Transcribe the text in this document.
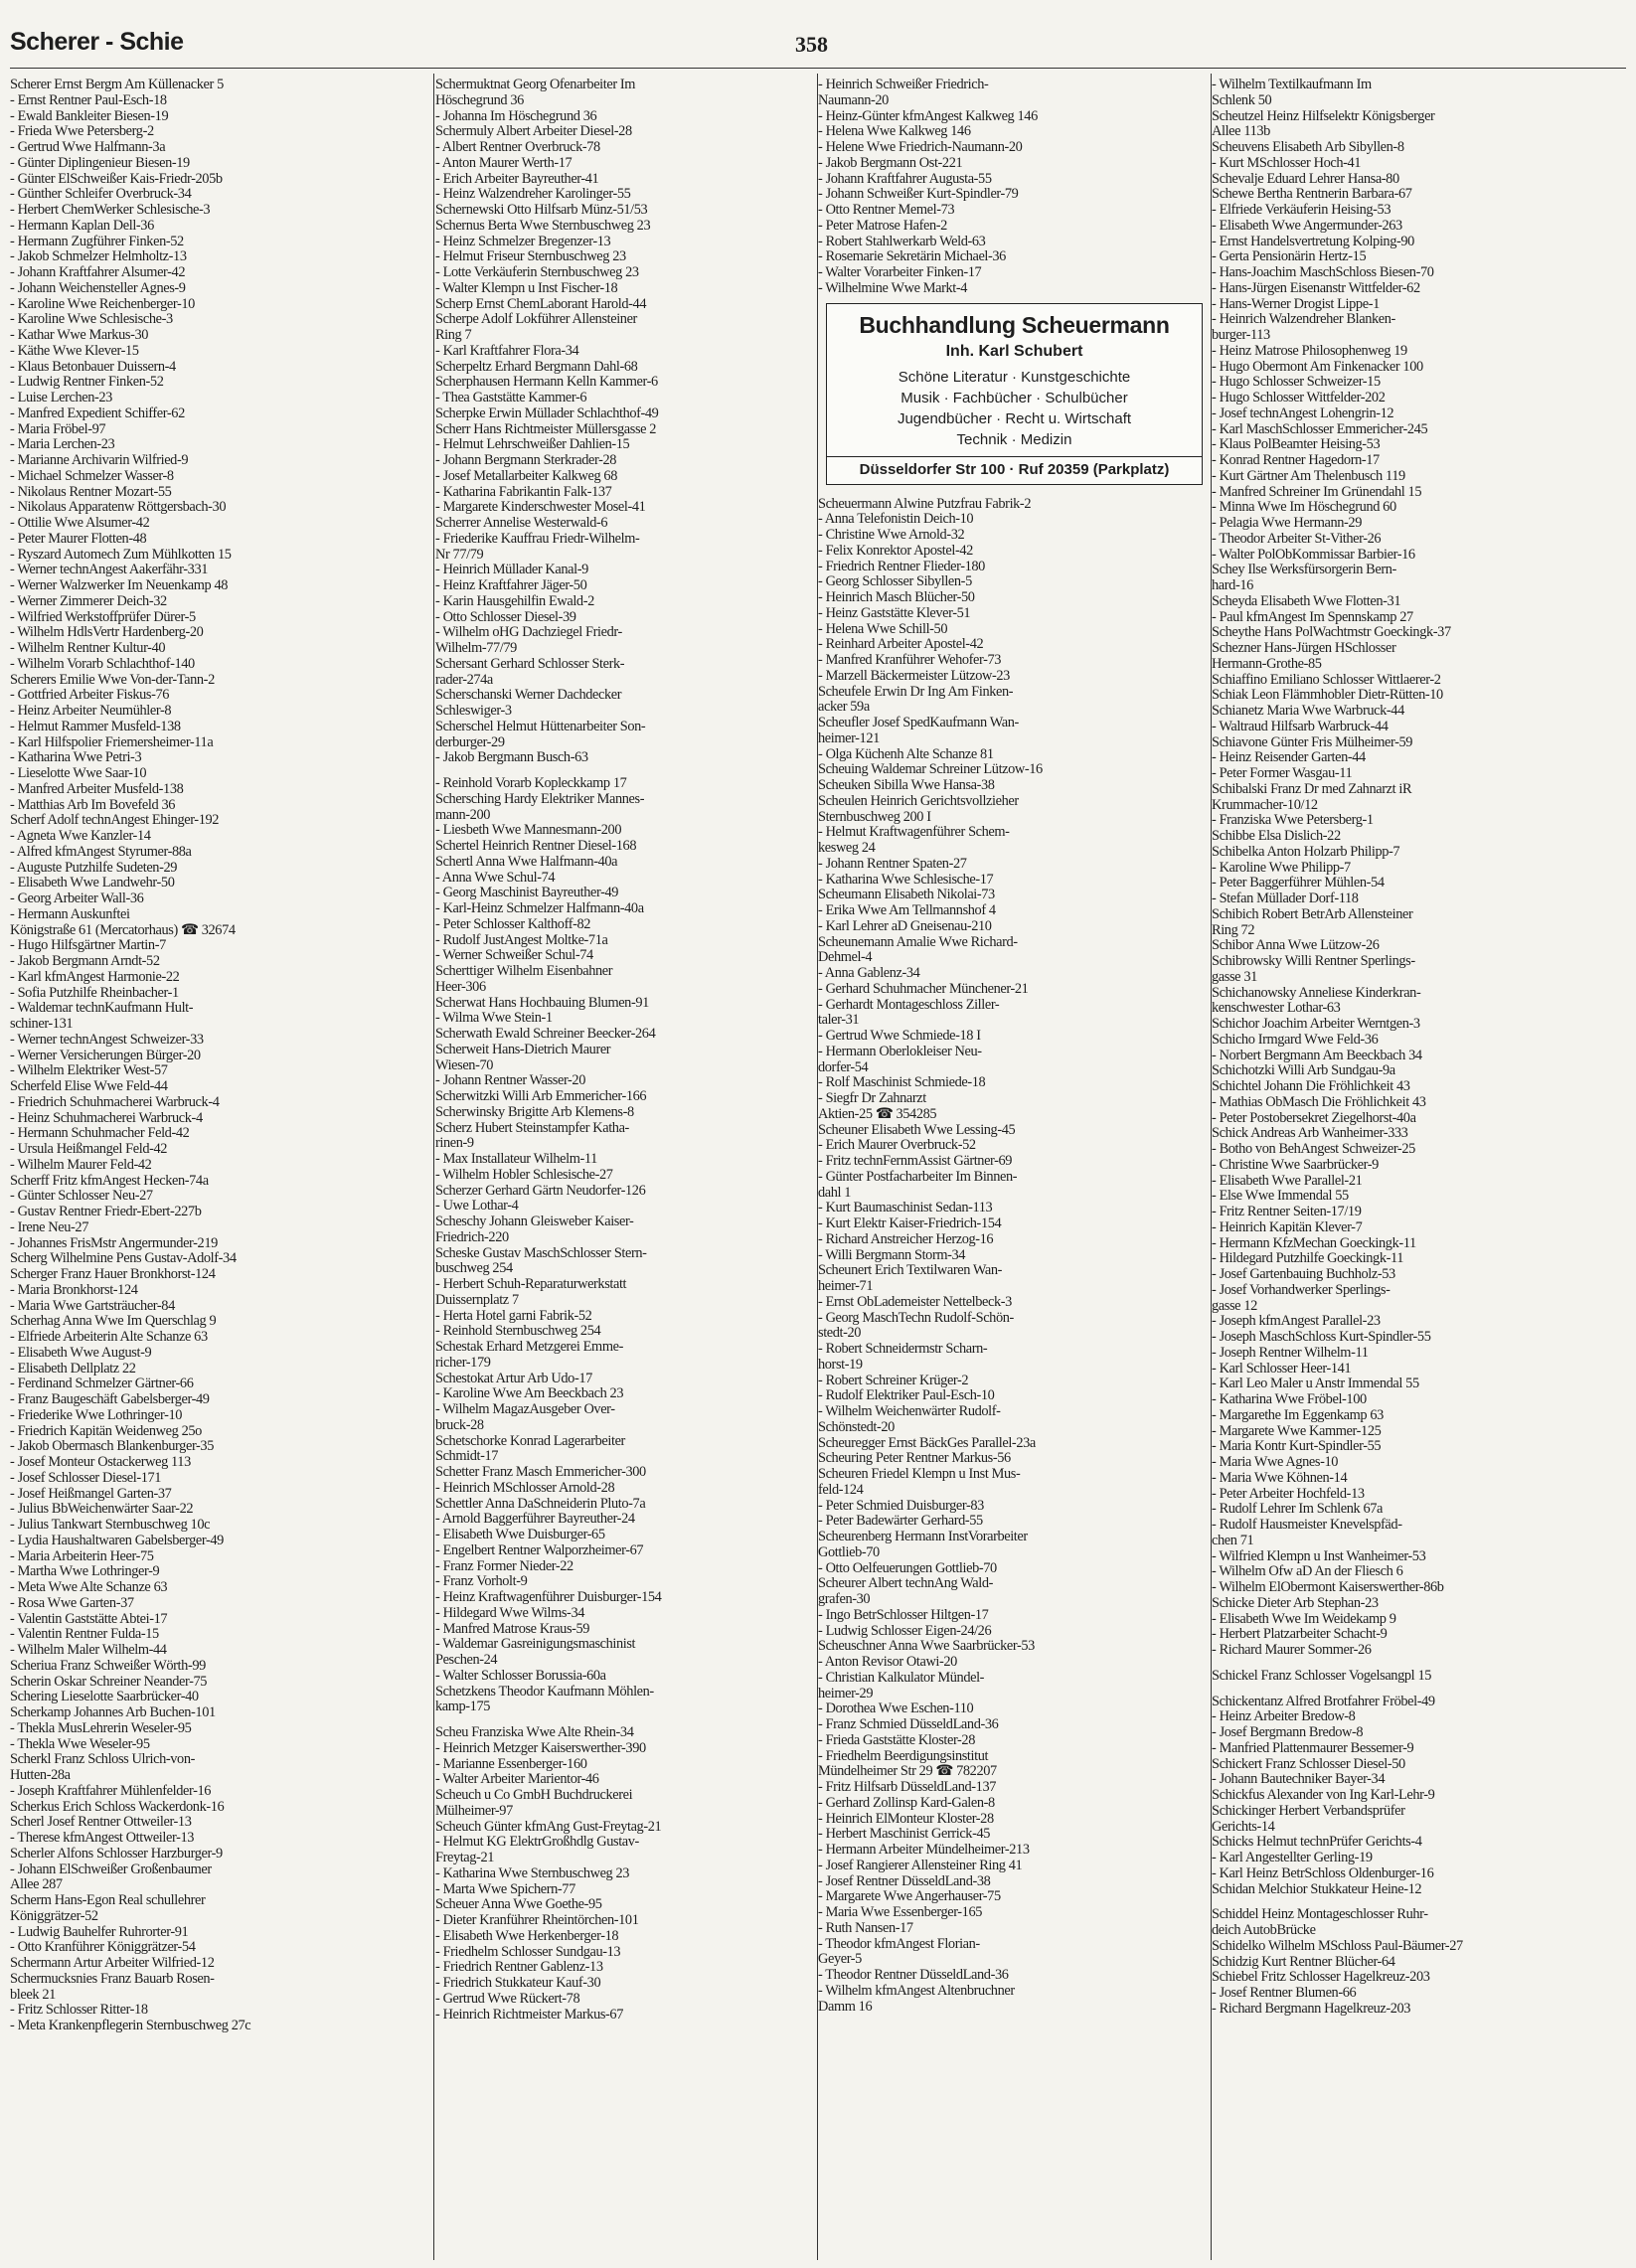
Scherer - Schie	358
Scherer Ernst Bergm Am Küllenacker 5
- Ernst Rentner Paul-Esch-18
- Ewald Bankleiter Biesen-19
- Frieda Wwe Petersberg-2
- Gertrud Wwe Halfmann-3a
- Günter Diplingenieur Biesen-19
- Günter ElSchweißer Kais-Friedr-205b
- Günther Schleifer Overbruck-34
- Herbert ChemWerker Schlesische-3
- Hermann Kaplan Dell-36
- Hermann Zugführer Finken-52
- Jakob Schmelzer Helmholtz-13
- Johann Kraftfahrer Alsumer-42
- Johann Weichensteller Agnes-9
- Karoline Wwe Reichenberger-10
- Karoline Wwe Schlesische-3
- Kathar Wwe Markus-30
- Käthe Wwe Klever-15
- Klaus Betonbauer Duissern-4
- Ludwig Rentner Finken-52
- Luise Lerchen-23
- Manfred Expedient Schiffer-62
- Maria Fröbel-97
- Maria Lerchen-23
- Marianne Archivarin Wilfried-9
- Michael Schmelzer Wasser-8
- Nikolaus Rentner Mozart-55
- Nikolaus Apparatenw Röttgersbach-30
- Ottilie Wwe Alsumer-42
- Peter Maurer Flotten-48
- Ryszard Automech Zum Mühlkotten 15
- Werner technAngest Aakerfähr-331
- Werner Walzwerker Im Neuenkamp 48
- Werner Zimmerer Deich-32
- Wilfried Werkstoffprüfer Dürer-5
- Wilhelm HdlsVertr Hardenberg-20
- Wilhelm Rentner Kultur-40
- Wilhelm Vorarb Schlachthof-140
Scherers Emilie Wwe Von-der-Tann-2
- Gottfried Arbeiter Fiskus-76
- Heinz Arbeiter Neumühler-8
- Helmut Rammer Musfeld-138
- Karl Hilfspolier Friemersheimer-11a
- Katharina Wwe Petri-3
- Lieselotte Wwe Saar-10
- Manfred Arbeiter Musfeld-138
- Matthias Arb Im Bovefeld 36
Scherf Adolf technAngest Ehinger-192
- Agneta Wwe Kanzler-14
- Alfred kfmAngest Styrumer-88a
- Auguste Putzhilfe Sudeten-29
- Elisabeth Wwe Landwehr-50
- Georg Arbeiter Wall-36
- Hermann Auskunftei
Königstraße 61 (Mercatorhaus) ☎ 32674
- Hugo Hilfsgärtner Martin-7
- Jakob Bergmann Arndt-52
- Karl kfmAngest Harmonie-22
- Sofia Putzhilfe Rheinbacher-1
- Waldemar technKaufmann Hult-
schiner-131
- Werner technAngest Schweizer-33
- Werner Versicherungen Bürger-20
- Wilhelm Elektriker West-57
Scherfeld Elise Wwe Feld-44
- Friedrich Schuhmacherei Warbruck-4
- Heinz Schuhmacherei Warbruck-4
- Hermann Schuhmacher Feld-42
- Ursula Heißmangel Feld-42
- Wilhelm Maurer Feld-42
Scherff Fritz kfmAngest Hecken-74a
- Günter Schlosser Neu-27
- Gustav Rentner Friedr-Ebert-227b
- Irene Neu-27
- Johannes FrisMstr Angermunder-219
Scherg Wilhelmine Pens Gustav-Adolf-34
Scherger Franz Hauer Bronkhorst-124
- Maria Bronkhorst-124
- Maria Wwe Gartsträucher-84
Scherhag Anna Wwe Im Querschlag 9
- Elfriede Arbeiterin Alte Schanze 63
- Elisabeth Wwe August-9
- Elisabeth Dellplatz 22
- Ferdinand Schmelzer Gärtner-66
- Franz Baugeschäft Gabelsberger-49
- Friederike Wwe Lothringer-10
- Friedrich Kapitän Weidenweg 25o
- Jakob Obermasch Blankenburger-35
- Josef Monteur Ostackerweg 113
- Josef Schlosser Diesel-171
- Josef Heißmangel Garten-37
- Julius BbWeichenwärter Saar-22
- Julius Tankwart Sternbuschweg 10c
- Lydia Haushaltwaren Gabelsberger-49
- Maria Arbeiterin Heer-75
- Martha Wwe Lothringer-9
- Meta Wwe Alte Schanze 63
- Rosa Wwe Garten-37
- Valentin Gaststätte Abtei-17
- Valentin Rentner Fulda-15
- Wilhelm Maler Wilhelm-44
Scheriua Franz Schweißer Wörth-99
Scherin Oskar Schreiner Neander-75
Schering Lieselotte Saarbrücker-40
Scherkamp Johannes Arb Buchen-101
- Thekla MusLehrerin Weseler-95
- Thekla Wwe Weseler-95
Scherkl Franz Schloss Ulrich-von-
Hutten-28a
- Joseph Kraftfahrer Mühlenfelder-16
Scherkus Erich Schloss Wackerdonk-16
Scherl Josef Rentner Ottweiler-13
- Therese kfmAngest Ottweiler-13
Scherler Alfons Schlosser Harzburger-9
- Johann ElSchweißer Großenbaumer
Allee 287
Scherm Hans-Egon Real schullehrer
Königgrätzer-52
- Ludwig Bauhelfer Ruhrorter-91
- Otto Kranführer Königgrätzer-54
Schermann Artur Arbeiter Wilfried-12
Schermucksnies Franz Bauarb Rosen-
bleek 21
- Fritz Schlosser Ritter-18
- Meta Krankenpflegerin Sternbuschweg 27c
Schermuktnat Georg Ofenarbeiter Im
Höschegrund 36
- Johanna Im Höschegrund 36
Schermuly Albert Arbeiter Diesel-28
- Albert Rentner Overbruck-78
- Anton Maurer Werth-17
- Erich Arbeiter Bayreuther-41
- Heinz Walzendreher Karolinger-55
Schernewski Otto Hilfsarb Münz-51/53
Schernus Berta Wwe Sternbuschweg 23
- Heinz Schmelzer Bregenzer-13
- Helmut Friseur Sternbuschweg 23
- Lotte Verkäuferin Sternbuschweg 23
- Walter Klempn u Inst Fischer-18
Scherp Ernst ChemLaborant Harold-44
Scherpe Adolf Lokführer Allensteiner
Ring 7
- Karl Kraftfahrer Flora-34
Scherpeltz Erhard Bergmann Dahl-68
Scherphausen Hermann Kelln Kammer-6
- Thea Gaststätte Kammer-6
Scherpke Erwin Müllader Schlachthof-49
Scherr Hans Richtmeister Müllersgasse 2
- Helmut Lehrschweißer Dahlien-15
- Johann Bergmann Sterkrader-28
- Josef Metallarbeiter Kalkweg 68
- Katharina Fabrikantin Falk-137
- Margarete Kinderschwester Mosel-41
Scherrer Annelise Westerwald-6
- Friederike Kauffrau Friedr-Wilhelm-
Nr 77/79
- Heinrich Müllader Kanal-9
- Heinz Kraftfahrer Jäger-50
- Karin Hausgehilfin Ewald-2
- Otto Schlosser Diesel-39
- Wilhelm oHG Dachziegel Friedr-
Wilhelm-77/79
Schersant Gerhard Schlosser Sterk-
rader-274a
Scherschanski Werner Dachdecker
Schleswiger-3
Scherschel Helmut Hüttenarbeiter Son-
derburger-29
- Jakob Bergmann Busch-63
- Reinhold Vorarb Kopleckkamp 17
Schersching Hardy Elektriker Mannes-
mann-200
- Liesbeth Wwe Mannesmann-200
Schertel Heinrich Rentner Diesel-168
Schertl Anna Wwe Halfmann-40a
- Anna Wwe Schul-74
- Georg Maschinist Bayreuther-49
- Karl-Heinz Schmelzer Halfmann-40a
- Peter Schlosser Kalthoff-82
- Rudolf JustAngest Moltke-71a
- Werner Schweißer Schul-74
Scherttiger Wilhelm Eisenbahner
Heer-306
Scherwat Hans Hochbauing Blumen-91
- Wilma Wwe Stein-1
Scherwath Ewald Schreiner Beecker-264
Scherweit Hans-Dietrich Maurer
Wiesen-70
- Johann Rentner Wasser-20
Scherwitzki Willi Arb Emmericher-166
Scherwinsky Brigitte Arb Klemens-8
Scherz Hubert Steinstampfer Katha-
rinen-9
- Max Installateur Wilhelm-11
- Wilhelm Hobler Schlesische-27
Scherzer Gerhard Gärtn Neudorfer-126
- Uwe Lothar-4
Scheschy Johann Gleisweber Kaiser-
Friedrich-220
Scheske Gustav MaschSchlosser Stern-
buschweg 254
- Herbert Schuh-Reparaturwerkstatt
Duissernplatz 7
- Herta Hotel garni Fabrik-52
- Reinhold Sternbuschweg 254
Schestak Erhard Metzgerei Emme-
richer-179
Schestokat Artur Arb Udo-17
- Karoline Wwe Am Beeckbach 23
- Wilhelm MagazAusgeber Over-
bruck-28
Schetschorke Konrad Lagerarbeiter
Schmidt-17
Schetter Franz Masch Emmericher-300
- Heinrich MSchlosser Arnold-28
Schettler Anna DaSchneiderin Pluto-7a
- Arnold Baggerführer Bayreuther-24
- Elisabeth Wwe Duisburger-65
- Engelbert Rentner Walporzheimer-67
- Franz Former Nieder-22
- Franz Vorholt-9
- Heinz Kraftwagenführer Duisburger-154
- Hildegard Wwe Wilms-34
- Manfred Matrose Kraus-59
- Waldemar Gasreinigungsmaschinist
Peschen-24
- Walter Schlosser Borussia-60a
Schetzkens Theodor Kaufmann Möhlen-
kamp-175
Scheu Franziska Wwe Alte Rhein-34
- Heinrich Metzger Kaiserswerther-390
- Marianne Essenberger-160
- Walter Arbeiter Marientor-46
Scheuch u Co GmbH Buchdruckerei
Mülheimer-97
Scheuch Günter kfmAng Gust-Freytag-21
- Helmut KG ElektrGroßhdlg Gustav-
Freytag-21
- Katharina Wwe Sternbuschweg 23
- Marta Wwe Spichern-77
Scheuer Anna Wwe Goethe-95
- Dieter Kranführer Rheintörchen-101
- Elisabeth Wwe Herkenberger-18
- Friedhelm Schlosser Sundgau-13
- Friedrich Rentner Gablenz-13
- Friedrich Stukkateur Kauf-30
- Gertrud Wwe Rückert-78
- Heinrich Richtmeister Markus-67
- Heinrich Schweißer Friedrich-
Naumann-20
- Heinz-Günter kfmAngest Kalkweg 146
- Helena Wwe Kalkweg 146
- Helene Wwe Friedrich-Naumann-20
- Jakob Bergmann Ost-221
- Johann Kraftfahrer Augusta-55
- Johann Schweißer Kurt-Spindler-79
- Otto Rentner Memel-73
- Peter Matrose Hafen-2
- Robert Stahlwerkarb Weld-63
- Rosemarie Sekretärin Michael-36
- Walter Vorarbeiter Finken-17
- Wilhelmine Wwe Markt-4
Buchhandlung Scheuermann
Inh. Karl Schubert
Schöne Literatur · Kunstgeschichte
Musik · Fachbücher · Schulbücher
Jugendbücher · Recht u. Wirtschaft
Technik · Medizin
Düsseldorfer Str 100 · Ruf 20359 (Parkplatz)
Scheuermann Alwine Putzfrau Fabrik-2
- Anna Telefonistin Deich-10
- Christine Wwe Arnold-32
- Felix Konrektor Apostel-42
- Friedrich Rentner Flieder-180
- Georg Schlosser Sibyllen-5
- Heinrich Masch Blücher-50
- Heinz Gaststätte Klever-51
- Helena Wwe Schill-50
- Reinhard Arbeiter Apostel-42
- Manfred Kranführer Wehofer-73
- Marzell Bäckermeister Lützow-23
Scheufele Erwin Dr Ing Am Finken-
acker 59a
Scheufler Josef SpedKaufmann Wan-
heimer-121
- Olga Küchenh Alte Schanze 81
Scheuing Waldemar Schreiner Lützow-16
Scheuken Sibilla Wwe Hansa-38
Scheulen Heinrich Gerichtsvollzieher
Sternbuschweg 200 I
- Helmut Kraftwagenführer Schem-
kesweg 24
- Johann Rentner Spaten-27
- Katharina Wwe Schlesische-17
Scheumann Elisabeth Nikolai-73
- Erika Wwe Am Tellmannshof 4
- Karl Lehrer aD Gneisenau-210
Scheunemann Amalie Wwe Richard-
Dehmel-4
- Anna Gablenz-34
- Gerhard Schuhmacher Münchener-21
- Gerhardt Montageschloss Ziller-
taler-31
- Gertrud Wwe Schmiede-18 I
- Hermann Oberlokleiser Neu-
dorfer-54
- Rolf Maschinist Schmiede-18
- Siegfr Dr Zahnarzt
Aktien-25 ☎ 354285
Scheuner Elisabeth Wwe Lessing-45
- Erich Maurer Overbruck-52
- Fritz technFernmAssist Gärtner-69
- Günter Postfacharbeiter Im Binnen-
dahl 1
- Kurt Baumaschinist Sedan-113
- Kurt Elektr Kaiser-Friedrich-154
- Richard Anstreicher Herzog-16
- Willi Bergmann Storm-34
Scheunert Erich Textilwaren Wan-
heimer-71
- Ernst ObLademeister Nettelbeck-3
- Georg MaschTechn Rudolf-Schön-
stedt-20
- Robert Schneidermstr Scharn-
horst-19
- Robert Schreiner Krüger-2
- Rudolf Elektriker Paul-Esch-10
- Wilhelm Weichenwärter Rudolf-
Schönstedt-20
Scheuregger Ernst BäckGes Parallel-23a
Scheuring Peter Rentner Markus-56
Scheuren Friedel Klempn u Inst Mus-
feld-124
- Peter Schmied Duisburger-83
- Peter Badewärter Gerhard-55
Scheurenberg Hermann InstVorarbeiter
Gottlieb-70
- Otto Oelfeuerungen Gottlieb-70
Scheurer Albert technAng Wald-
grafen-30
- Ingo BetrSchlosser Hiltgen-17
- Ludwig Schlosser Eigen-24/26
Scheuschner Anna Wwe Saarbrücker-53
- Anton Revisor Otawi-20
- Christian Kalkulator Mündel-
heimer-29
- Dorothea Wwe Eschen-110
- Franz Schmied DüsseldLand-36
- Frieda Gaststätte Kloster-28
- Friedhelm Beerdigungsinstitut
Mündelheimer Str 29 ☎ 782207
- Fritz Hilfsarb DüsseldLand-137
- Gerhard Zollinsp Kard-Galen-8
- Heinrich ElMonteur Kloster-28
- Herbert Maschinist Gerrick-45
- Hermann Arbeiter Mündelheimer-213
- Josef Rangierer Allensteiner Ring 41
- Josef Rentner DüsseldLand-38
- Margarete Wwe Angerhauser-75
- Maria Wwe Essenberger-165
- Ruth Nansen-17
- Theodor kfmAngest Florian-
Geyer-5
- Theodor Rentner DüsseldLand-36
- Wilhelm kfmAngest Altenbruchner
Damm 16
- Wilhelm Textilkaufmann Im
Schlenk 50
Scheutzel Heinz Hilfselektr Königsberger
Allee 113b
Scheuvens Elisabeth Arb Sibyllen-8
- Kurt MSchlosser Hoch-41
Schevalje Eduard Lehrer Hansa-80
Schewe Bertha Rentnerin Barbara-67
- Elfriede Verkäuferin Heising-53
- Elisabeth Wwe Angermunder-263
- Ernst Handelsvertretung Kolping-90
- Gerta Pensionärin Hertz-15
- Hans-Joachim MaschSchloss Biesen-70
- Hans-Jürgen Eisenanstr Wittfelder-62
- Hans-Werner Drogist Lippe-1
- Heinrich Walzendreher Blanken-
burger-113
- Heinz Matrose Philosophenweg 19
- Hugo Obermont Am Finkenacker 100
- Hugo Schlosser Schweizer-15
- Hugo Schlosser Wittfelder-202
- Josef technAngest Lohengrin-12
- Karl MaschSchlosser Emmericher-245
- Klaus PolBeamter Heising-53
- Konrad Rentner Hagedorn-17
- Kurt Gärtner Am Thelenbusch 119
- Manfred Schreiner Im Grünendahl 15
- Minna Wwe Im Höschegrund 60
- Pelagia Wwe Hermann-29
- Theodor Arbeiter St-Vither-26
- Walter PolObKommissar Barbier-16
Schey Ilse Werksfürsorgerin Bern-
hard-16
Scheyda Elisabeth Wwe Flotten-31
- Paul kfmAngest Im Spennskamp 27
Scheythe Hans PolWachtmstr Goeckingk-37
Schezner Hans-Jürgen HSchlosser
Hermann-Grothe-85
Schiaffino Emiliano Schlosser Wittlaerer-2
Schiak Leon Flämmhobler Dietr-Rütten-10
Schianetz Maria Wwe Warbruck-44
- Waltraud Hilfsarb Warbruck-44
Schiavone Günter Fris Mülheimer-59
- Heinz Reisender Garten-44
- Peter Former Wasgau-11
Schibalski Franz Dr med Zahnarzt iR
Krummacher-10/12
- Franziska Wwe Petersberg-1
Schibbe Elsa Dislich-22
Schibelka Anton Holzarb Philipp-7
- Karoline Wwe Philipp-7
- Peter Baggerführer Mühlen-54
- Stefan Müllader Dorf-118
Schibich Robert BetrArb Allensteiner
Ring 72
Schibor Anna Wwe Lützow-26
Schibrowsky Willi Rentner Sperlings-
gasse 31
Schichanowsky Anneliese Kinderkran-
kenschwester Lothar-63
Schichor Joachim Arbeiter Werntgen-3
Schicho Irmgard Wwe Feld-36
- Norbert Bergmann Am Beeckbach 34
Schichotzki Willi Arb Sundgau-9a
Schichtel Johann Die Fröhlichkeit 43
- Mathias ObMasch Die Fröhlichkeit 43
- Peter Postobersekret Ziegelhorst-40a
Schick Andreas Arb Wanheimer-333
- Botho von BehAngest Schweizer-25
- Christine Wwe Saarbrücker-9
- Elisabeth Wwe Parallel-21
- Else Wwe Immendal 55
- Fritz Rentner Seiten-17/19
- Heinrich Kapitän Klever-7
- Hermann KfzMechan Goeckingk-11
- Hildegard Putzhilfe Goeckingk-11
- Josef Gartenbauing Buchholz-53
- Josef Vorhandwerker Sperlings-
gasse 12
- Joseph kfmAngest Parallel-23
- Joseph MaschSchloss Kurt-Spindler-55
- Joseph Rentner Wilhelm-11
- Karl Schlosser Heer-141
- Karl Leo Maler u Anstr Immendal 55
- Katharina Wwe Fröbel-100
- Margarethe Im Eggenkamp 63
- Margarete Wwe Kammer-125
- Maria Kontr Kurt-Spindler-55
- Maria Wwe Agnes-10
- Maria Wwe Köhnen-14
- Peter Arbeiter Hochfeld-13
- Rudolf Lehrer Im Schlenk 67a
- Rudolf Hausmeister Knevelspfäd-
chen 71
- Wilfried Klempn u Inst Wanheimer-53
- Wilhelm Ofw aD An der Fliesch 6
- Wilhelm ElObermont Kaiserswerther-86b
Schicke Dieter Arb Stephan-23
- Elisabeth Wwe Im Weidekamp 9
- Herbert Platzarbeiter Schacht-9
- Richard Maurer Sommer-26
Schickel Franz Schlosser Vogelsangpl 15
Schickentanz Alfred Brotfahrer Fröbel-49
- Heinz Arbeiter Bredow-8
- Josef Bergmann Bredow-8
- Manfried Plattenmaurer Bessemer-9
Schickert Franz Schlosser Diesel-50
- Johann Bautechniker Bayer-34
Schickfus Alexander von Ing Karl-Lehr-9
Schickinger Herbert Verbandsprüfer
Gerichts-14
Schicks Helmut technPrüfer Gerichts-4
- Karl Angestellter Gerling-19
- Karl Heinz BetrSchloss Oldenburger-16
Schidan Melchior Stukkateur Heine-12
Schiddel Heinz Montageschlosser Ruhr-
deich AutobBrücke
Schidelko Wilhelm MSchloss Paul-Bäumer-27
Schidzig Kurt Rentner Blücher-64
Schiebel Fritz Schlosser Hagelkreuz-203
- Josef Rentner Blumen-66
- Richard Bergmann Hagelkreuz-203
